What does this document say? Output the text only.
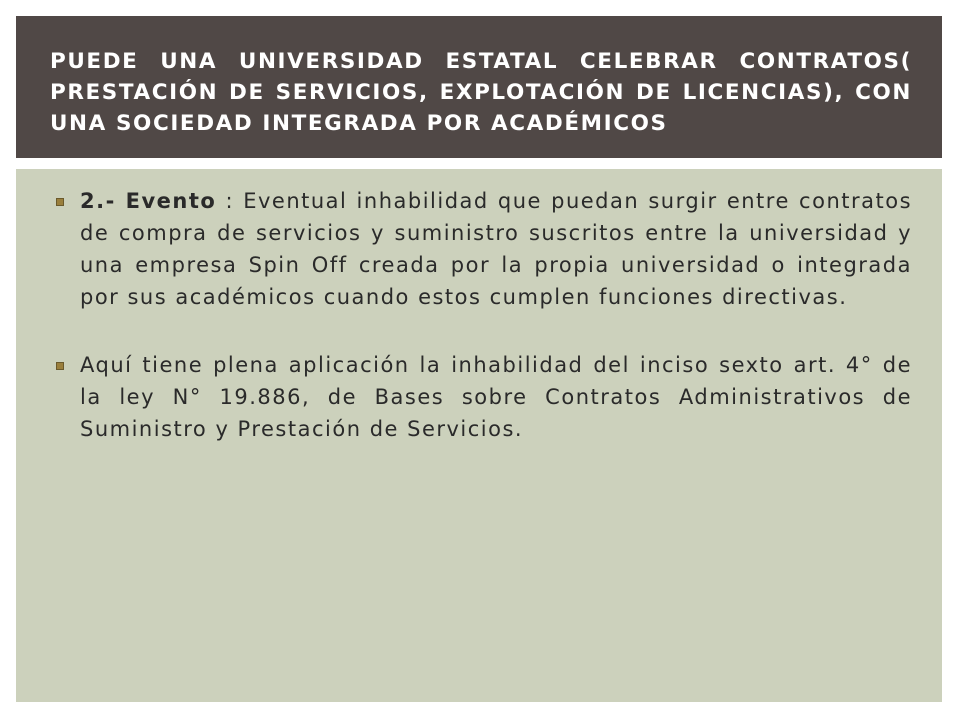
PUEDE UNA UNIVERSIDAD ESTATAL CELEBRAR CONTRATOS( PRESTACIÓN DE SERVICIOS, EXPLOTACIÓN DE LICENCIAS), CON UNA SOCIEDAD INTEGRADA POR ACADÉMICOS
2.- Evento : Eventual inhabilidad que puedan surgir entre contratos de compra de servicios y suministro suscritos entre la universidad y una empresa Spin Off creada por la propia universidad o integrada por sus académicos cuando estos cumplen funciones directivas.
Aquí tiene plena aplicación la inhabilidad del inciso sexto art. 4° de la ley N° 19.886, de Bases sobre Contratos Administrativos de Suministro y Prestación de Servicios.
